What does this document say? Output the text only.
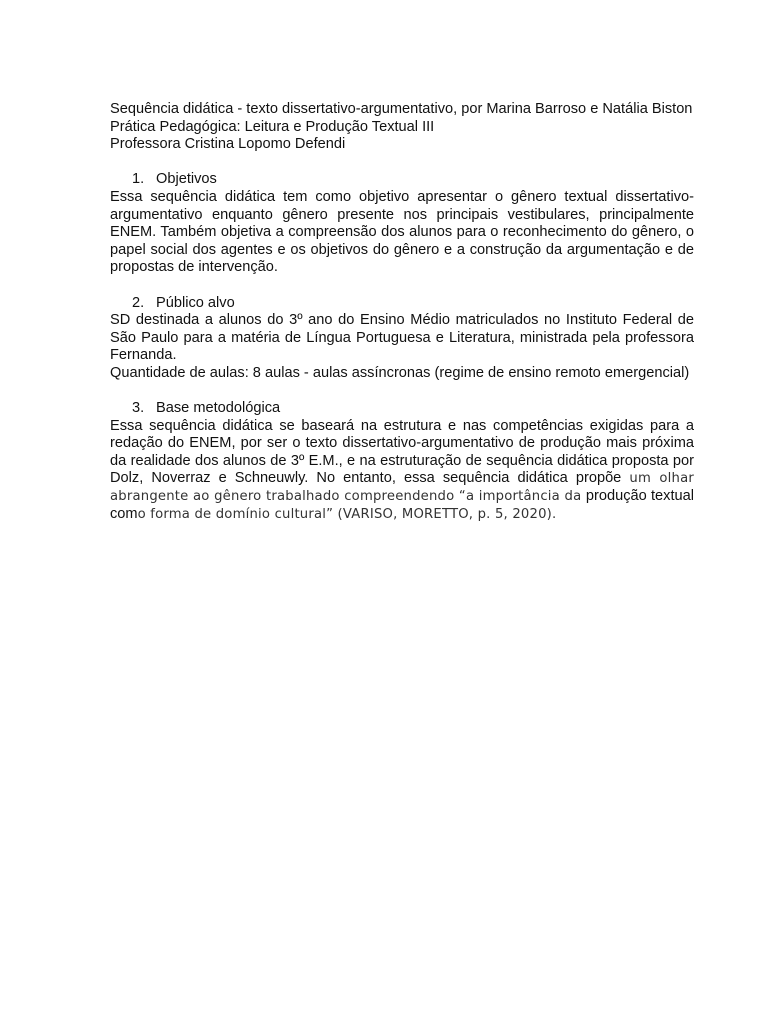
Sequência didática - texto dissertativo-argumentativo, por Marina Barroso e Natália Biston

Prática Pedagógica: Leitura e Produção Textual III

Professora Cristina Lopomo Defendi

1. Objetivos

Essa sequência didática tem como objetivo apresentar o gênero textual dissertativo-argumentativo enquanto gênero presente nos principais vestibulares, principalmente ENEM. Também objetiva a compreensão dos alunos para o reconhecimento do gênero, o papel social dos agentes e os objetivos do gênero e a construção da argumentação e de propostas de intervenção.

2. Público alvo

SD destinada a alunos do 3º ano do Ensino Médio matriculados no Instituto Federal de São Paulo para a matéria de Língua Portuguesa e Literatura, ministrada pela professora Fernanda.

Quantidade de aulas: 8 aulas - aulas assíncronas (regime de ensino remoto emergencial)

3. Base metodológica

Essa sequência didática se baseará na estrutura e nas competências exigidas para a redação do ENEM, por ser o texto dissertativo-argumentativo de produção mais próxima da realidade dos alunos de 3º E.M., e na estruturação de sequência didática proposta por Dolz, Noverraz e Schneuwly. No entanto, essa sequência didática propõe um olhar abrangente ao gênero trabalhado compreendendo “a importância da produção textual como forma de domínio cultural” (VARISO, MORETTO, p. 5, 2020).
